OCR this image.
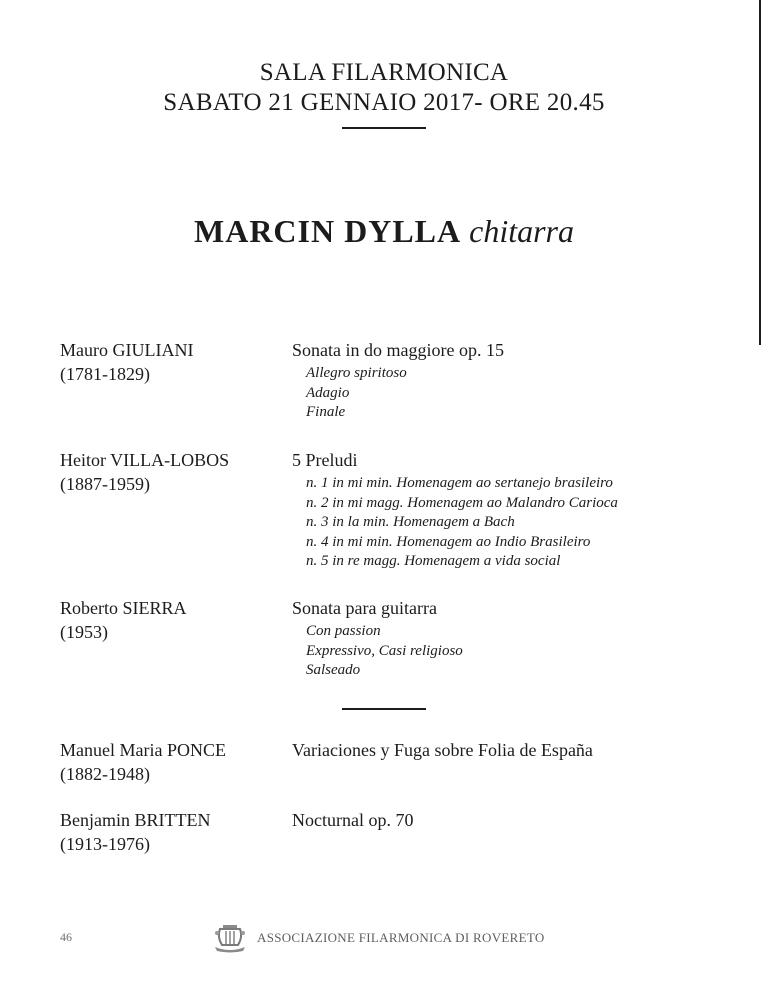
SALA FILARMONICA
SABATO 21 GENNAIO 2017- ORE 20.45
MARCIN DYLLA chitarra
Mauro GIULIANI
(1781-1829)
Sonata in do maggiore op. 15
Allegro spiritoso
Adagio
Finale
Heitor VILLA-LOBOS
(1887-1959)
5 Preludi
n. 1 in mi min. Homenagem ao sertanejo brasileiro
n. 2 in mi magg. Homenagem ao Malandro Carioca
n. 3 in la min. Homenagem a Bach
n. 4 in mi min. Homenagem ao Indio Brasileiro
n. 5 in re magg. Homenagem a vida social
Roberto SIERRA
(1953)
Sonata para guitarra
Con passion
Expressivo, Casi religioso
Salseado
Manuel Maria PONCE
(1882-1948)
Variaciones y Fuga sobre Folia de España
Benjamin BRITTEN
(1913-1976)
Nocturnal op. 70
46	ASSOCIAZIONE FILARMONICA DI ROVERETO
